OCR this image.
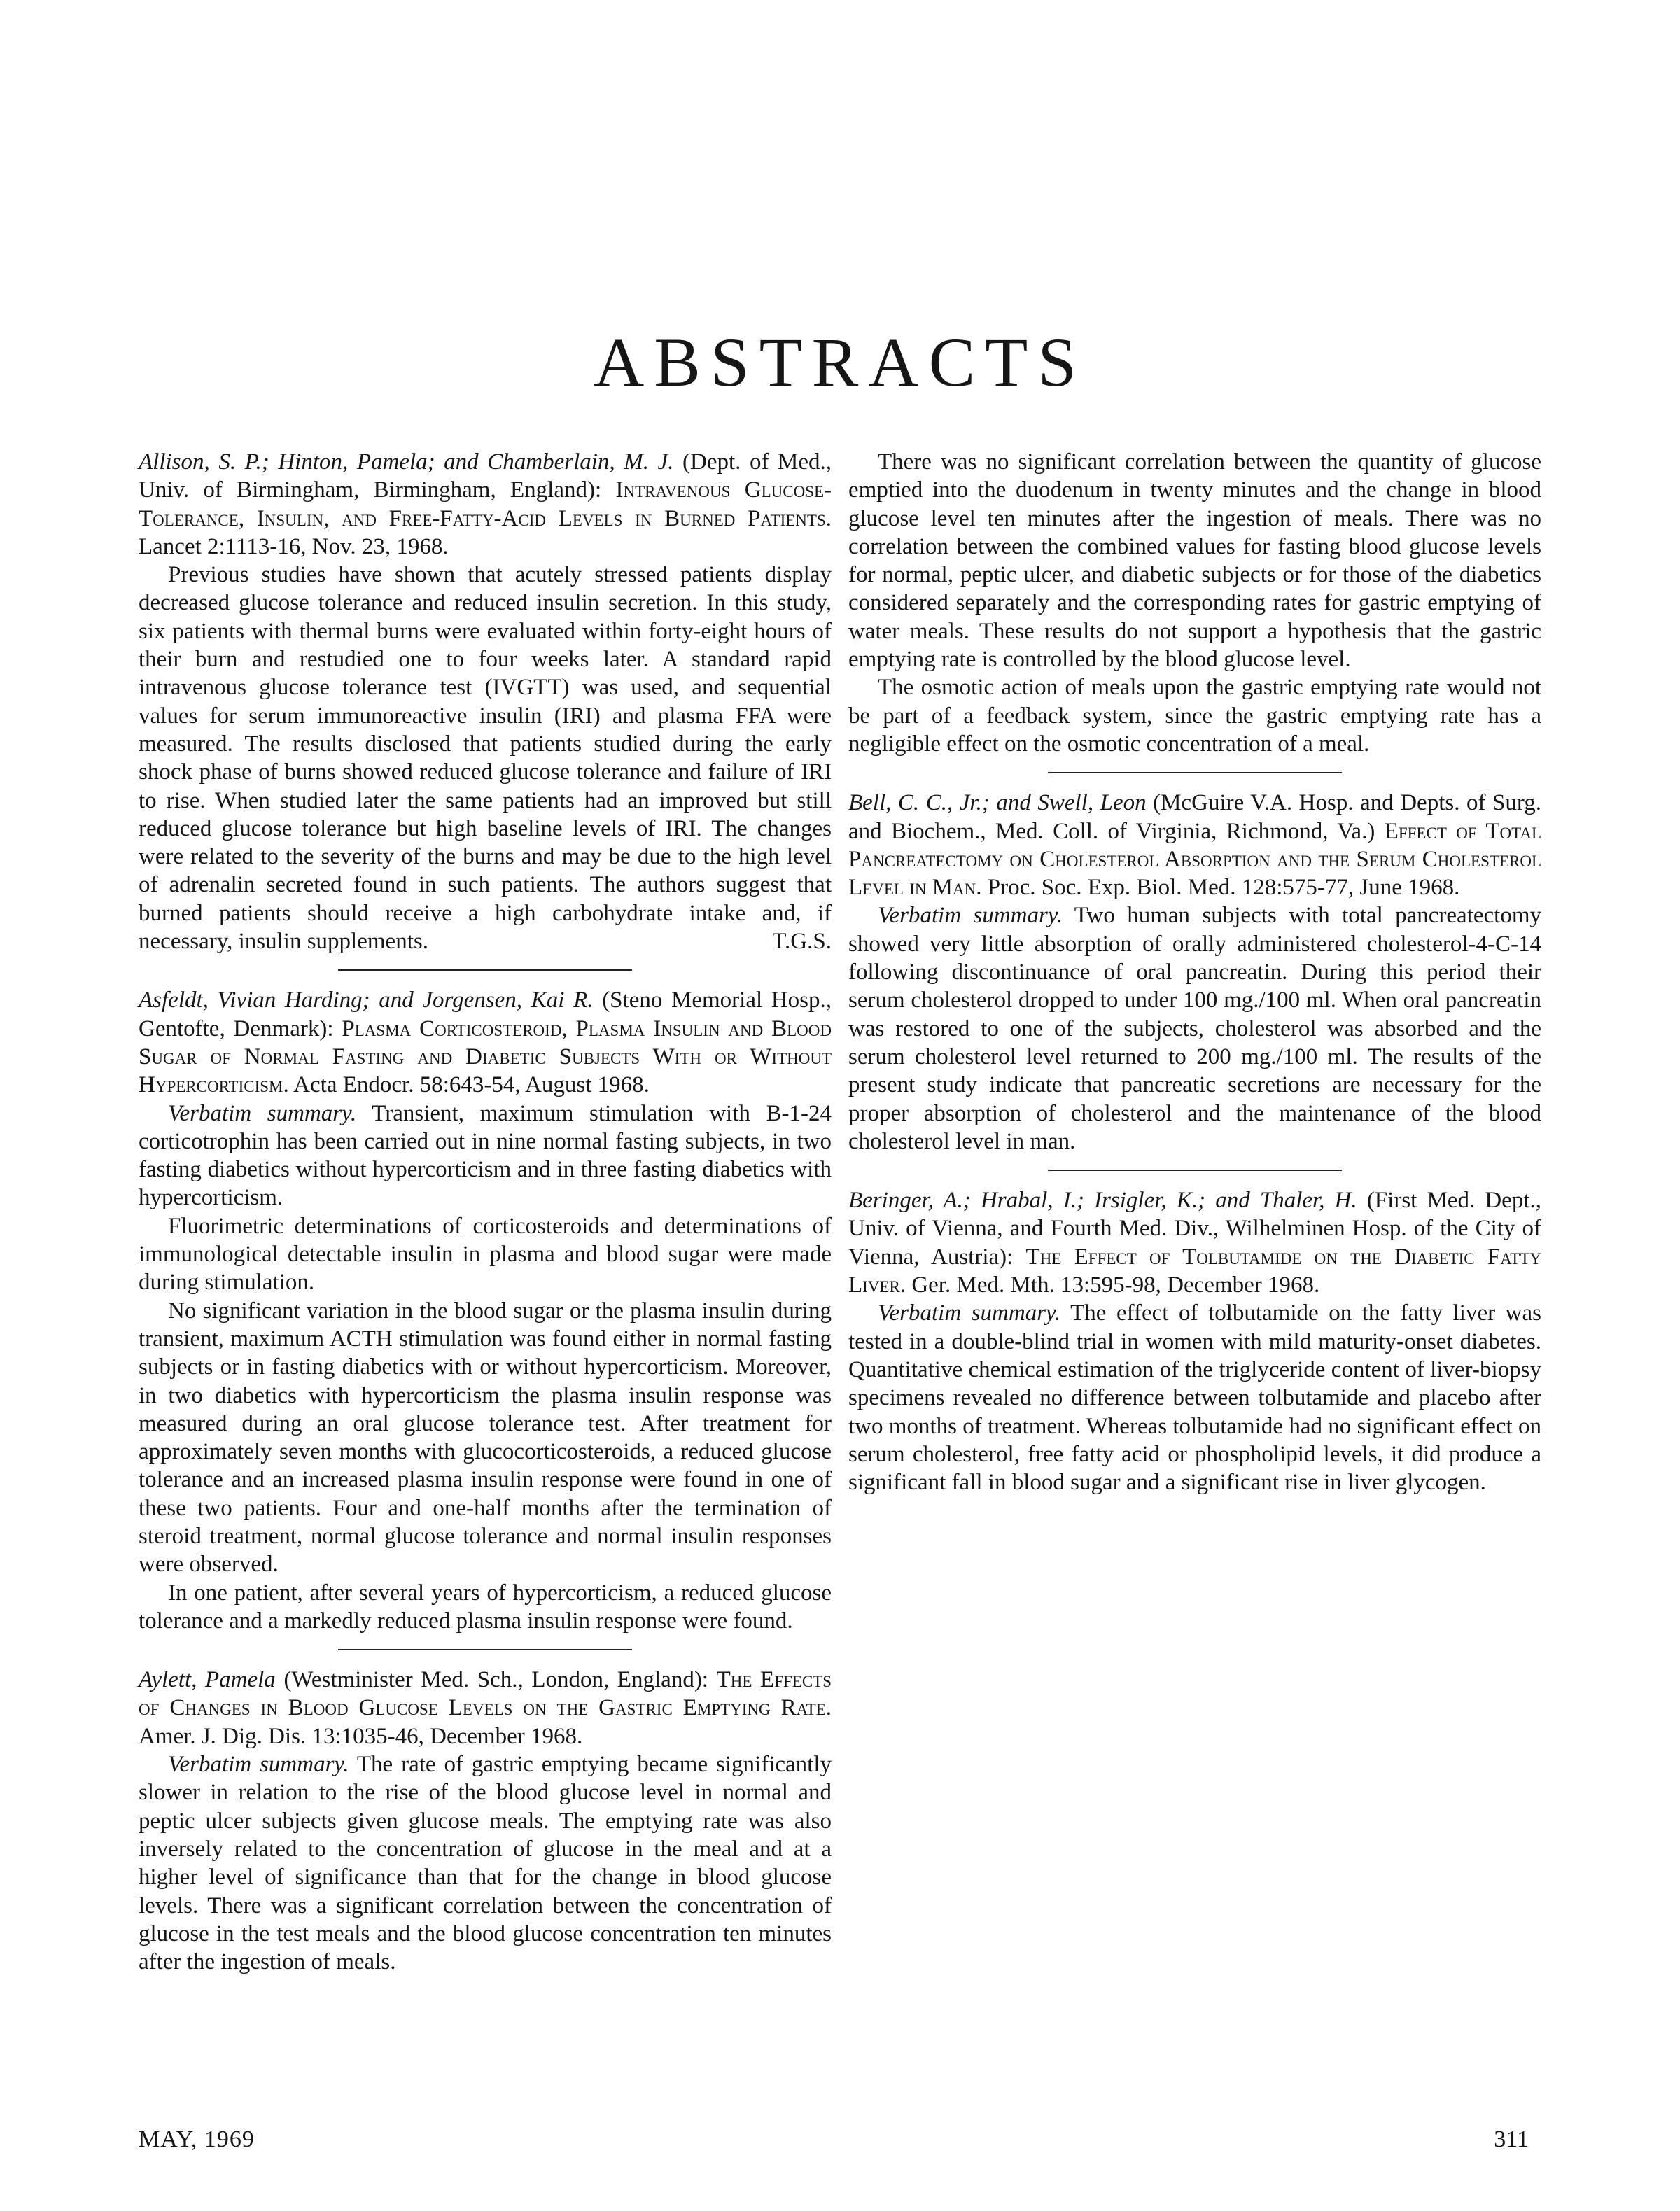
ABSTRACTS

Allison, S. P.; Hinton, Pamela; and Chamberlain, M. J. (Dept. of Med., Univ. of Birmingham, Birmingham, England): Intravenous Glucose-Tolerance, Insulin, and Free-Fatty-Acid Levels in Burned Patients. Lancet 2:1113-16, Nov. 23, 1968.

Previous studies have shown that acutely stressed patients display decreased glucose tolerance and reduced insulin secretion. In this study, six patients with thermal burns were evaluated within forty-eight hours of their burn and restudied one to four weeks later. A standard rapid intravenous glucose tolerance test (IVGTT) was used, and sequential values for serum immunoreactive insulin (IRI) and plasma FFA were measured. The results disclosed that patients studied during the early shock phase of burns showed reduced glucose tolerance and failure of IRI to rise. When studied later the same patients had an improved but still reduced glucose tolerance but high baseline levels of IRI. The changes were related to the severity of the burns and may be due to the high level of adrenalin secreted found in such patients. The authors suggest that burned patients should receive a high carbohydrate intake and, if necessary, insulin supplements.	T.G.S.

Asfeldt, Vivian Harding; and Jorgensen, Kai R. (Steno Memorial Hosp., Gentofte, Denmark): Plasma Corticosteroid, Plasma Insulin and Blood Sugar of Normal Fasting and Diabetic Subjects With or Without Hypercorticism. Acta Endocr. 58:643-54, August 1968.

Verbatim summary. Transient, maximum stimulation with B-1-24 corticotrophin has been carried out in nine normal fasting subjects, in two fasting diabetics without hypercorticism and in three fasting diabetics with hypercorticism.

Fluorimetric determinations of corticosteroids and determinations of immunological detectable insulin in plasma and blood sugar were made during stimulation.

No significant variation in the blood sugar or the plasma insulin during transient, maximum ACTH stimulation was found either in normal fasting subjects or in fasting diabetics with or without hypercorticism. Moreover, in two diabetics with hypercorticism the plasma insulin response was measured during an oral glucose tolerance test. After treatment for approximately seven months with glucocorticosteroids, a reduced glucose tolerance and an increased plasma insulin response were found in one of these two patients. Four and one-half months after the termination of steroid treatment, normal glucose tolerance and normal insulin responses were observed.

In one patient, after several years of hypercorticism, a reduced glucose tolerance and a markedly reduced plasma insulin response were found.

Aylett, Pamela (Westminister Med. Sch., London, England): The Effects of Changes in Blood Glucose Levels on the Gastric Emptying Rate. Amer. J. Dig. Dis. 13:1035-46, December 1968.

Verbatim summary. The rate of gastric emptying became significantly slower in relation to the rise of the blood glucose level in normal and peptic ulcer subjects given glucose meals. The emptying rate was also inversely related to the concentration of glucose in the meal and at a higher level of significance than that for the change in blood glucose levels. There was a significant correlation between the concentration of glucose in the test meals and the blood glucose concentration ten minutes after the ingestion of meals.

There was no significant correlation between the quantity of glucose emptied into the duodenum in twenty minutes and the change in blood glucose level ten minutes after the ingestion of meals. There was no correlation between the combined values for fasting blood glucose levels for normal, peptic ulcer, and diabetic subjects or for those of the diabetics considered separately and the corresponding rates for gastric emptying of water meals. These results do not support a hypothesis that the gastric emptying rate is controlled by the blood glucose level.

The osmotic action of meals upon the gastric emptying rate would not be part of a feedback system, since the gastric emptying rate has a negligible effect on the osmotic concentration of a meal.

Bell, C. C., Jr.; and Swell, Leon (McGuire V.A. Hosp. and Depts. of Surg. and Biochem., Med. Coll. of Virginia, Richmond, Va.) Effect of Total Pancreatectomy on Cholesterol Absorption and the Serum Cholesterol Level in Man. Proc. Soc. Exp. Biol. Med. 128:575-77, June 1968.

Verbatim summary. Two human subjects with total pancreatectomy showed very little absorption of orally administered cholesterol-4-C-14 following discontinuance of oral pancreatin. During this period their serum cholesterol dropped to under 100 mg./100 ml. When oral pancreatin was restored to one of the subjects, cholesterol was absorbed and the serum cholesterol level returned to 200 mg./100 ml. The results of the present study indicate that pancreatic secretions are necessary for the proper absorption of cholesterol and the maintenance of the blood cholesterol level in man.

Beringer, A.; Hrabal, I.; Irsigler, K.; and Thaler, H. (First Med. Dept., Univ. of Vienna, and Fourth Med. Div., Wilhelminen Hosp. of the City of Vienna, Austria): The Effect of Tolbutamide on the Diabetic Fatty Liver. Ger. Med. Mth. 13:595-98, December 1968.

Verbatim summary. The effect of tolbutamide on the fatty liver was tested in a double-blind trial in women with mild maturity-onset diabetes. Quantitative chemical estimation of the triglyceride content of liver-biopsy specimens revealed no difference between tolbutamide and placebo after two months of treatment. Whereas tolbutamide had no significant effect on serum cholesterol, free fatty acid or phospholipid levels, it did produce a significant fall in blood sugar and a significant rise in liver glycogen.

MAY, 1969	311
